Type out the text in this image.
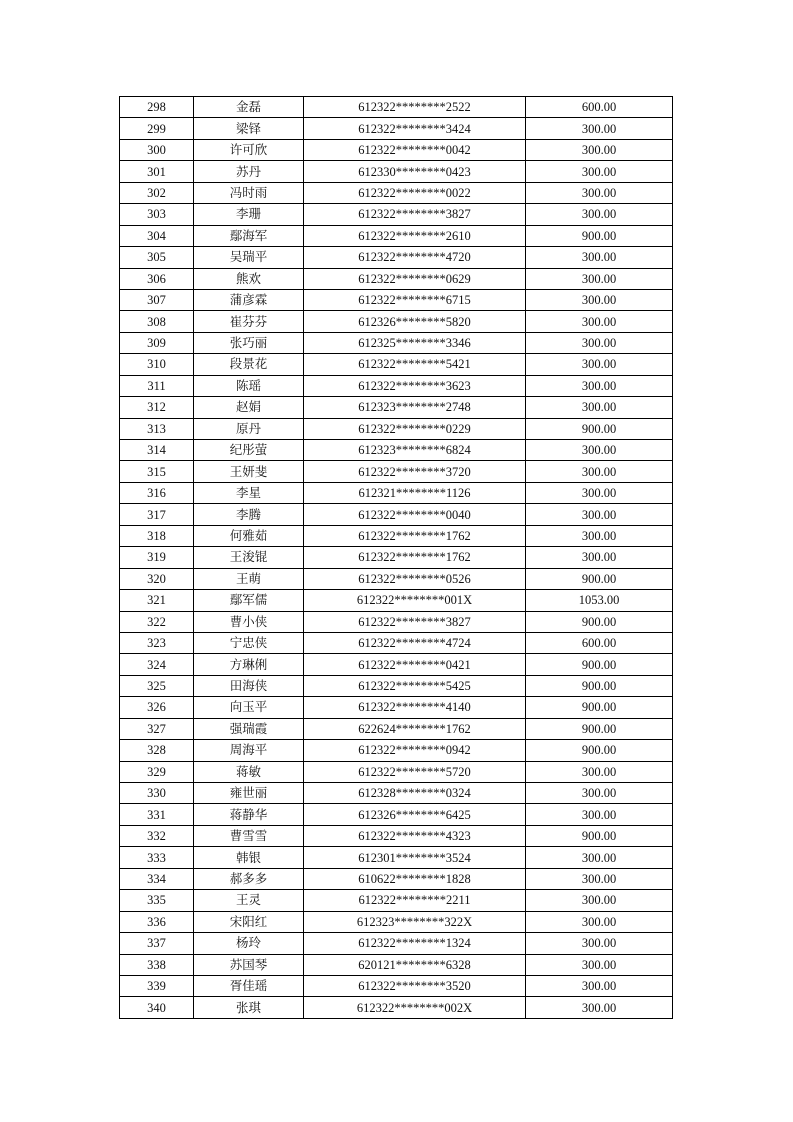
298	金磊	612322********2522	600.00
299	梁铎	612322********3424	300.00
300	许可欣	612322********0042	300.00
301	苏丹	612330********0423	300.00
302	冯时雨	612322********0022	300.00
303	李珊	612322********3827	300.00
304	鄢海军	612322********2610	900.00
305	吴瑞平	612322********4720	300.00
306	熊欢	612322********0629	300.00
307	蒲彦霖	612322********6715	300.00
308	崔芬芬	612326********5820	300.00
309	张巧丽	612325********3346	300.00
310	段景花	612322********5421	300.00
311	陈瑶	612322********3623	300.00
312	赵娟	612323********2748	300.00
313	原丹	612322********0229	900.00
314	纪彤萤	612323********6824	300.00
315	王妍斐	612322********3720	300.00
316	李星	612321********1126	300.00
317	李腾	612322********0040	300.00
318	何雅茹	612322********1762	300.00
319	王浚锟	612322********1762	300.00
320	王萌	612322********0526	900.00
321	鄢军儒	612322********001X	1053.00
322	曹小侠	612322********3827	900.00
323	宁忠侠	612322********4724	600.00
324	方琳俐	612322********0421	900.00
325	田海侠	612322********5425	900.00
326	向玉平	612322********4140	900.00
327	强瑞霞	622624********1762	900.00
328	周海平	612322********0942	900.00
329	蒋敏	612322********5720	300.00
330	雍世丽	612328********0324	300.00
331	蒋静华	612326********6425	300.00
332	曹雪雪	612322********4323	900.00
333	韩银	612301********3524	300.00
334	郝多多	610622********1828	300.00
335	王灵	612322********2211	300.00
336	宋阳红	612323********322X	300.00
337	杨玲	612322********1324	300.00
338	苏国琴	620121********6328	300.00
339	胥佳瑶	612322********3520	300.00
340	张琪	612322********002X	300.00
